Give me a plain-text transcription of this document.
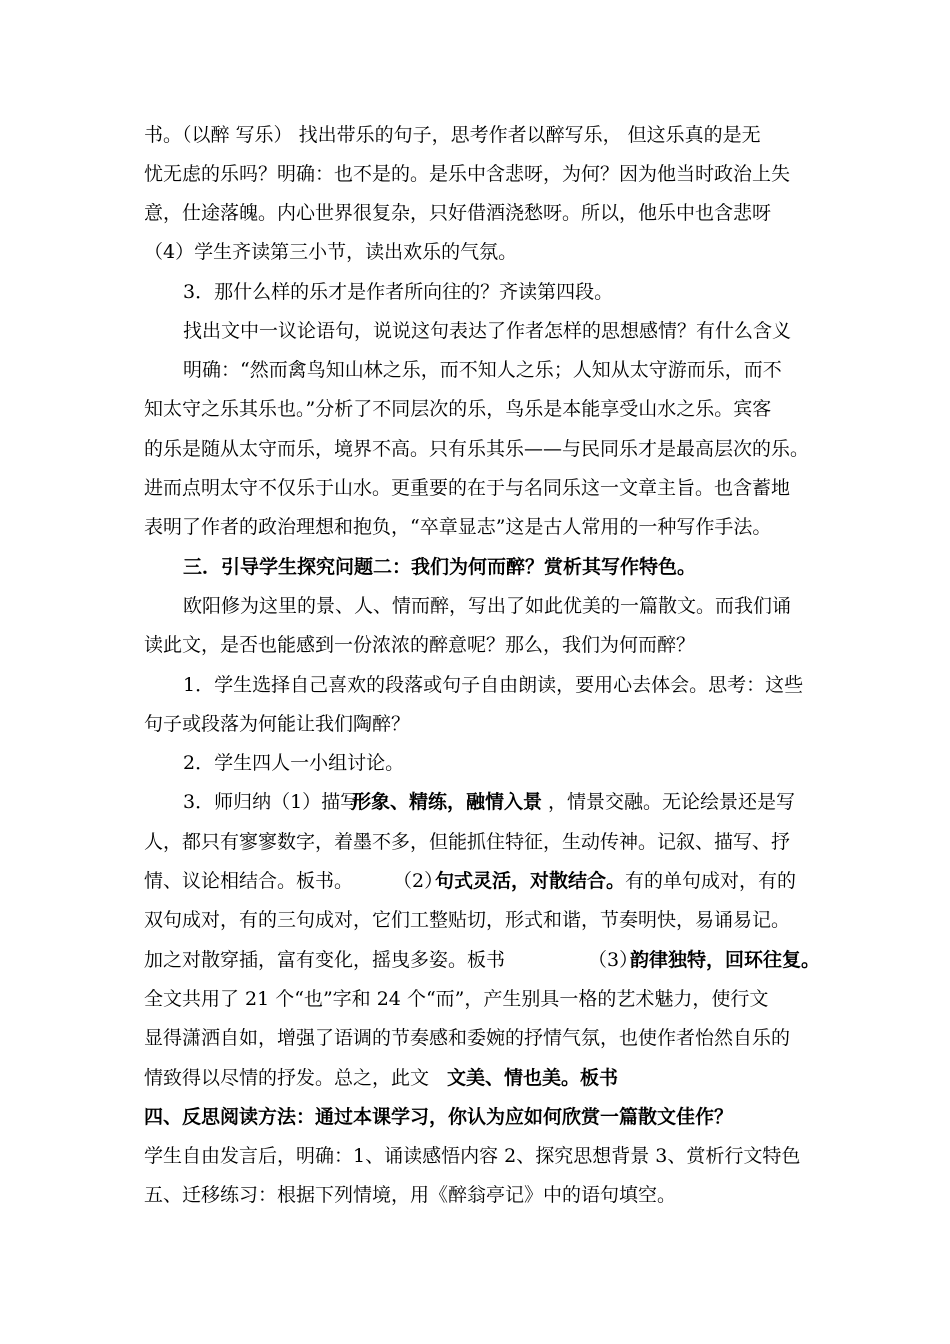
书。（以醉 写乐） 找出带乐的句子，思考作者以醉写乐， 但这乐真的是无
忧无虑的乐吗？明确：也不是的。是乐中含悲呀，为何？因为他当时政治上失
意，仕途落魄。内心世界很复杂，只好借酒浇愁呀。所以，他乐中也含悲呀
（4）学生齐读第三小节，读出欢乐的气氛。
3．那什么样的乐才是作者所向往的？齐读第四段。
找出文中一议论语句，说说这句表达了作者怎样的思想感情？有什么含义
明确：“然而禽鸟知山林之乐，而不知人之乐；人知从太守游而乐，而不
知太守之乐其乐也。”分析了不同层次的乐，鸟乐是本能享受山水之乐。宾客
的乐是随从太守而乐，境界不高。只有乐其乐——与民同乐才是最高层次的乐。
进而点明太守不仅乐于山水。更重要的在于与名同乐这一文章主旨。也含蓄地
表明了作者的政治理想和抱负，“卒章显志”这是古人常用的一种写作手法。
三．引导学生探究问题二：我们为何而醉？赏析其写作特色。
欧阳修为这里的景、人、情而醉，写出了如此优美的一篇散文。而我们诵
读此文，是否也能感到一份浓浓的醉意呢？那么，我们为何而醉？
1．学生选择自己喜欢的段落或句子自由朗读，要用心去体会。思考：这些
句子或段落为何能让我们陶醉？
2．学生四人一小组讨论。
3．师归纳（1）描写
形象、精练，融情入景 ，情景交融。无论绘景还是写
人，都只有寥寥数字，着墨不多，但能抓住特征，生动传神。记叙、描写、抒
情、议论相结合。板书。 （2）
句式灵活，对散结合。 有的单句成对，有的
双句成对，有的三句成对，它们工整贴切，形式和谐，节奏明快，易诵易记。
加之对散穿插，富有变化，摇曳多姿。板书	（3）
韵律独特，回环往复。
全文共用了 21 个“也”字和 24 个“而”，产生别具一格的艺术魅力，使行文
显得潇洒自如，增强了语调的节奏感和委婉的抒情气氛，也使作者怡然自乐的
情致得以尽情的抒发。总之，此文 文美、情也美。板书
四、反思阅读方法：通过本课学习，你认为应如何欣赏一篇散文佳作？
学生自由发言后，明确：1、诵读感悟内容 2、探究思想背景 3、赏析行文特色
五、迁移练习：根据下列情境，用《醉翁亭记》中的语句填空。
